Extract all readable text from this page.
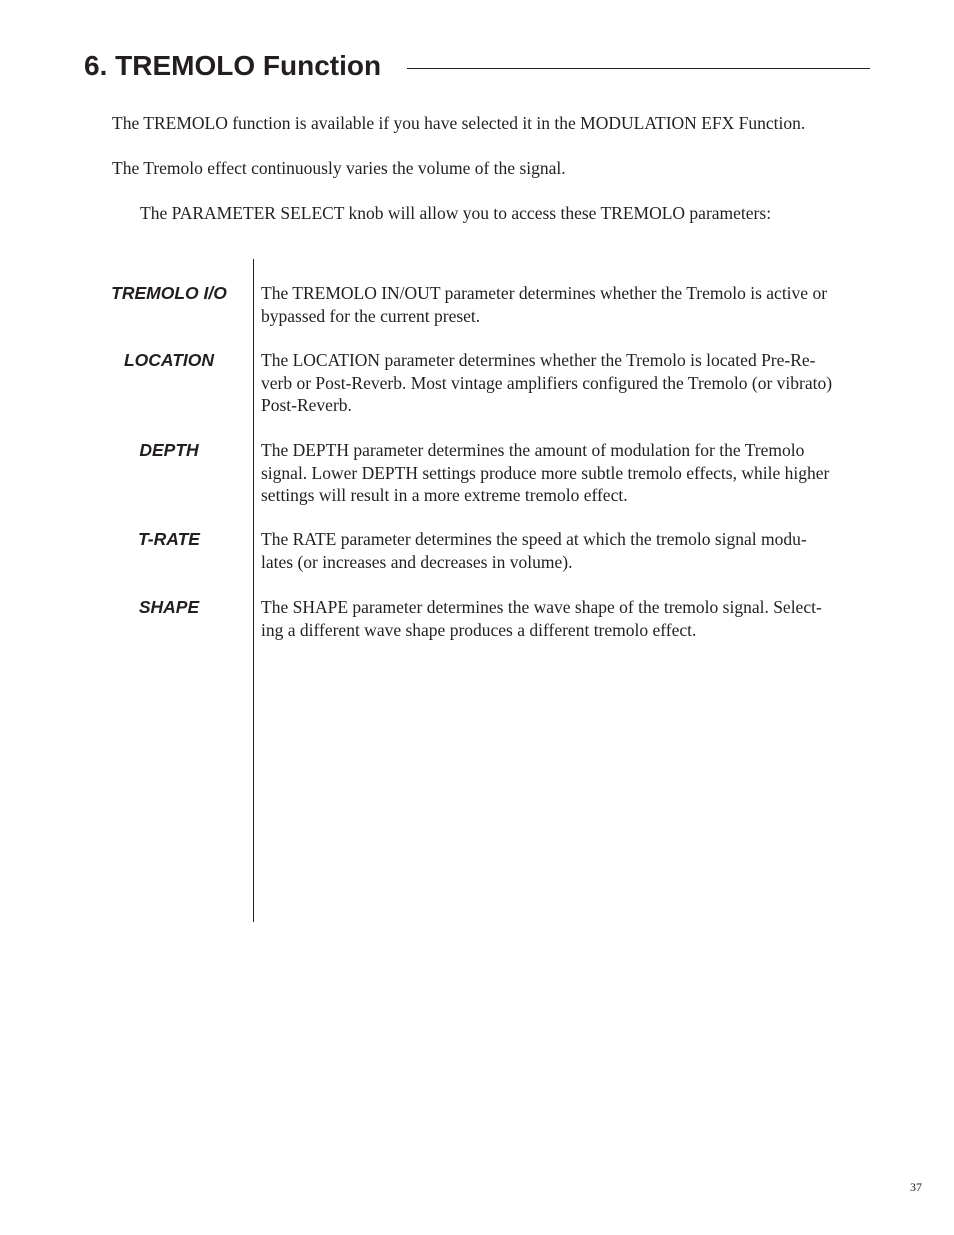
6. TREMOLO Function

The TREMOLO function is available if you have selected it in the MODULATION EFX Function.

The Tremolo effect continuously varies the volume of the signal.

The PARAMETER SELECT knob will allow you to access these TREMOLO parameters:

TREMOLO I/O	The TREMOLO IN/OUT parameter determines whether the Tremolo is active or
bypassed for the current preset.

LOCATION	The LOCATION parameter determines whether the Tremolo is located Pre-Re-
verb or Post-Reverb. Most vintage amplifiers configured the Tremolo (or vibrato)
Post-Reverb.

DEPTH	The DEPTH parameter determines the amount of modulation for the Tremolo
signal. Lower DEPTH settings produce more subtle tremolo effects, while higher
settings will result in a more extreme tremolo effect.

T-RATE	The RATE parameter determines the speed at which the tremolo signal modu-
lates (or increases and decreases in volume).

SHAPE	The SHAPE parameter determines the wave shape of the tremolo signal. Select-
ing a different wave shape produces a different tremolo effect.
37
